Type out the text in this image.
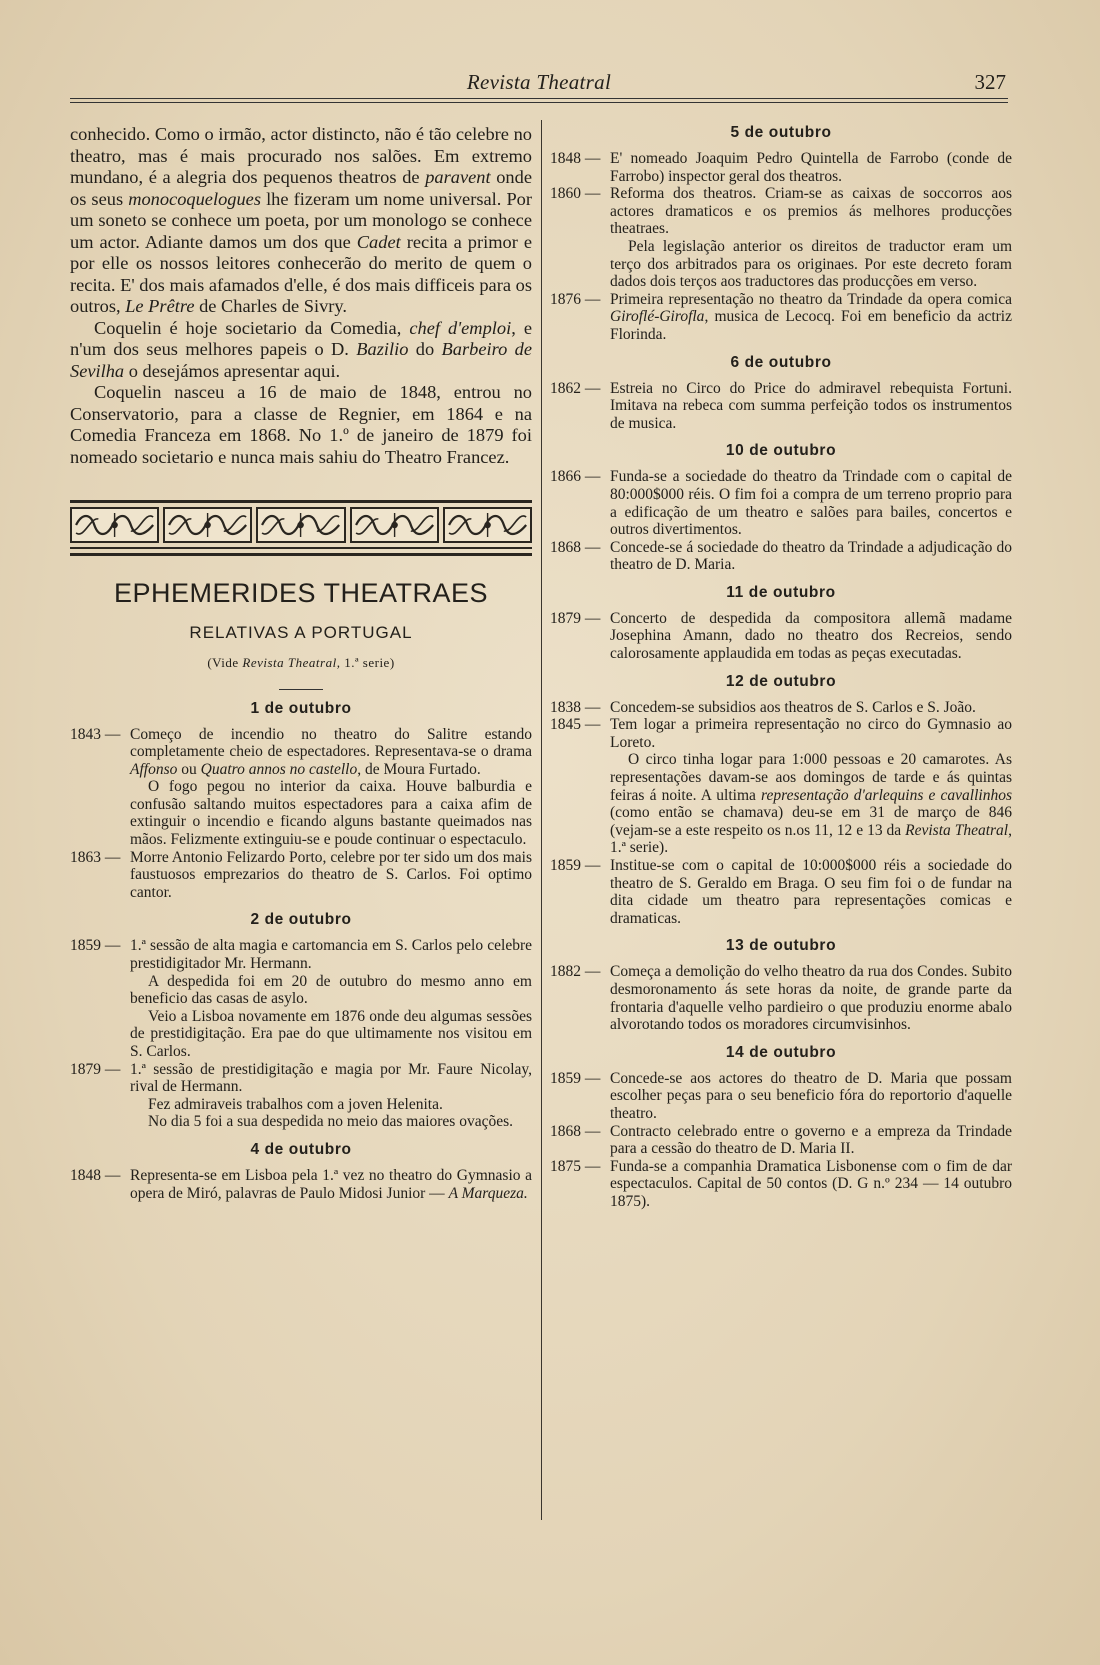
Revista Theatral	327

conhecido. Como o irmão, actor distincto, não é tão celebre no theatro, mas é mais procurado nos salões. Em extremo mundano, é a alegria dos pequenos theatros de paravent onde os seus monocoquelogues lhe fizeram um nome universal. Por um soneto se conhece um poeta, por um monologo se conhece um actor. Adiante damos um dos que Cadet recita a primor e por elle os nossos leitores conhecerão do merito de quem o recita. E' dos mais afamados d'elle, é dos mais difficeis para os outros, Le Prêtre de Charles de Sivry.

Coquelin é hoje societario da Comedia, chef d'emploi, e n'um dos seus melhores papeis o D. Bazilio do Barbeiro de Sevilha o desejámos apresentar aqui.

Coquelin nasceu a 16 de maio de 1848, entrou no Conservatorio, para a classe de Regnier, em 1864 e na Comedia Franceza em 1868. No 1.º de janeiro de 1879 foi nomeado societario e nunca mais sahiu do Theatro Francez.

EPHEMERIDES THEATRAES
RELATIVAS A PORTUGAL
(Vide Revista Theatral, 1.ª serie)
1 de outubro
1843 — Começo de incendio no theatro do Salitre estando completamente cheio de espectadores. Representava-se o drama Affonso ou Quatro annos no castello, de Moura Furtado.
O fogo pegou no interior da caixa. Houve balburdia e confusão saltando muitos espectadores para a caixa afim de extinguir o incendio e ficando alguns bastante queimados nas mãos. Felizmente extinguiu-se e poude continuar o espectaculo.
1863 — Morre Antonio Felizardo Porto, celebre por ter sido um dos mais faustuosos emprezarios do theatro de S. Carlos. Foi optimo cantor.
2 de outubro
1859 — 1.ª sessão de alta magia e cartomancia em S. Carlos pelo celebre prestidigitador Mr. Hermann.
A despedida foi em 20 de outubro do mesmo anno em beneficio das casas de asylo.
Veio a Lisboa novamente em 1876 onde deu algumas sessões de prestidigitação. Era pae do que ultimamente nos visitou em S. Carlos.
1879 — 1.ª sessão de prestidigitação e magia por Mr. Faure Nicolay, rival de Hermann.
Fez admiraveis trabalhos com a joven Helenita.
No dia 5 foi a sua despedida no meio das maiores ovações.
4 de outubro
1848 — Representa-se em Lisboa pela 1.ª vez no theatro do Gymnasio a opera de Miró, palavras de Paulo Midosi Junior — A Marqueza.
5 de outubro
1848 — E' nomeado Joaquim Pedro Quintella de Farrobo (conde de Farrobo) inspector geral dos theatros.
1860 — Reforma dos theatros. Criam-se as caixas de soccorros aos actores dramaticos e os premios ás melhores producções theatraes.
Pela legislação anterior os direitos de traductor eram um terço dos arbitrados para os originaes. Por este decreto foram dados dois terços aos traductores das producções em verso.
1876 — Primeira representação no theatro da Trindade da opera comica Giroflé-Girofla, musica de Lecocq. Foi em beneficio da actriz Florinda.
6 de outubro
1862 — Estreia no Circo do Price do admiravel rebequista Fortuni. Imitava na rebeca com summa perfeição todos os instrumentos de musica.
10 de outubro
1866 — Funda-se a sociedade do theatro da Trindade com o capital de 80:000$000 réis. O fim foi a compra de um terreno proprio para a edificação de um theatro e salões para bailes, concertos e outros divertimentos.
1868 — Concede-se á sociedade do theatro da Trindade a adjudicação do theatro de D. Maria.
11 de outubro
1879 — Concerto de despedida da compositora allemã madame Josephina Amann, dado no theatro dos Recreios, sendo calorosamente applaudida em todas as peças executadas.
12 de outubro
1838 — Concedem-se subsidios aos theatros de S. Carlos e S. João.
1845 — Tem logar a primeira representação no circo do Gymnasio ao Loreto.
O circo tinha logar para 1:000 pessoas e 20 camarotes. As representações davam-se aos domingos de tarde e ás quintas feiras á noite. A ultima representação d'arlequins e cavallinhos (como então se chamava) deu-se em 31 de março de 846 (vejam-se a este respeito os n.os 11, 12 e 13 da Revista Theatral, 1.ª serie).
1859 — Institue-se com o capital de 10:000$000 réis a sociedade do theatro de S. Geraldo em Braga. O seu fim foi o de fundar na dita cidade um theatro para representações comicas e dramaticas.
13 de outubro
1882 — Começa a demolição do velho theatro da rua dos Condes. Subito desmoronamento ás sete horas da noite, de grande parte da frontaria d'aquelle velho pardieiro o que produziu enorme abalo alvorotando todos os moradores circumvisinhos.
14 de outubro
1859 — Concede-se aos actores do theatro de D. Maria que possam escolher peças para o seu beneficio fóra do reportorio d'aquelle theatro.
1868 — Contracto celebrado entre o governo e a empreza da Trindade para a cessão do theatro de D. Maria II.
1875 — Funda-se a companhia Dramatica Lisbonense com o fim de dar espectaculos. Capital de 50 contos (D. G n.º 234 — 14 outubro 1875).
